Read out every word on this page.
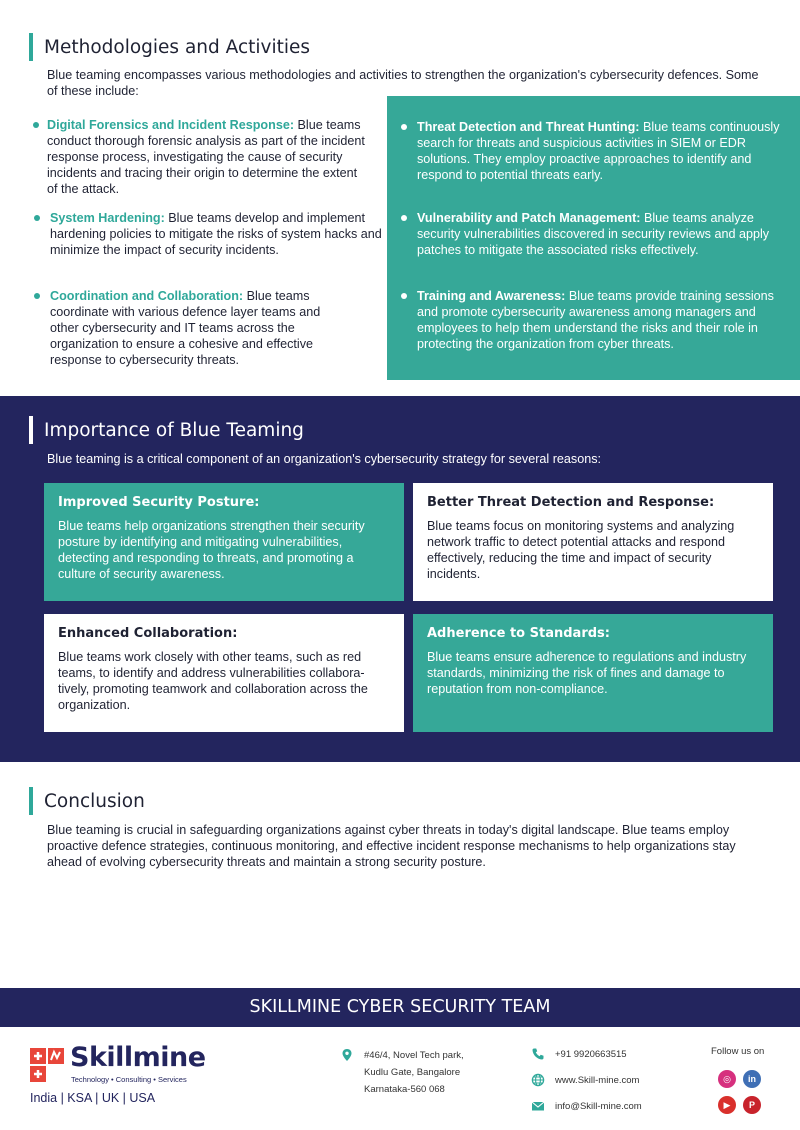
Methodologies and Activities

Blue teaming encompasses various methodologies and activities to strengthen the organization's cybersecurity defences. Some of these include:

Digital Forensics and Incident Response: Blue teams conduct thorough forensic analysis as part of the incident response process, investigating the cause of security incidents and tracing their origin to determine the extent of the attack.
System Hardening: Blue teams develop and implement hardening policies to mitigate the risks of system hacks and minimize the impact of security incidents.
Coordination and Collaboration: Blue teams coordinate with various defence layer teams and other cybersecurity and IT teams across the organization to ensure a cohesive and effective response to cybersecurity threats.
Threat Detection and Threat Hunting: Blue teams continuously search for threats and suspicious activities in SIEM or EDR solutions. They employ proactive approaches to identify and respond to potential threats early.
Vulnerability and Patch Management: Blue teams analyze security vulnerabilities discovered in security reviews and apply patches to mitigate the associated risks effectively.
Training and Awareness: Blue teams provide training sessions and promote cybersecurity awareness among managers and employees to help them understand the risks and their role in protecting the organization from cyber threats.
Importance of Blue Teaming

Blue teaming is a critical component of an organization's cybersecurity strategy for several reasons:

Improved Security Posture:
Blue teams help organizations strengthen their security posture by identifying and mitigating vulnerabilities, detecting and responding to threats, and promoting a culture of security awareness.
Better Threat Detection and Response:
Blue teams focus on monitoring systems and analyzing network traffic to detect potential attacks and respond effectively, reducing the time and impact of security incidents.
Enhanced Collaboration:
Blue teams work closely with other teams, such as red teams, to identify and address vulnerabilities collabora-tively, promoting teamwork and collaboration across the organization.
Adherence to Standards:
Blue teams ensure adherence to regulations and industry standards, minimizing the risk of fines and damage to reputation from non-compliance.
Conclusion

Blue teaming is crucial in safeguarding organizations against cyber threats in today's digital landscape. Blue teams employ proactive defence strategies, continuous monitoring, and effective incident response mechanisms to help organizations stay ahead of evolving cybersecurity threats and maintain a strong security posture.

SKILLMINE CYBER SECURITY TEAM
Skillmine
Technology • Consulting • Services
India | KSA | UK | USA
#46/4, Novel Tech park,
Kudlu Gate, Bangalore
Karnataka-560 068
+91 9920663515
www.Skill-mine.com
info@Skill-mine.com
Follow us on
◎	in
▶	P
